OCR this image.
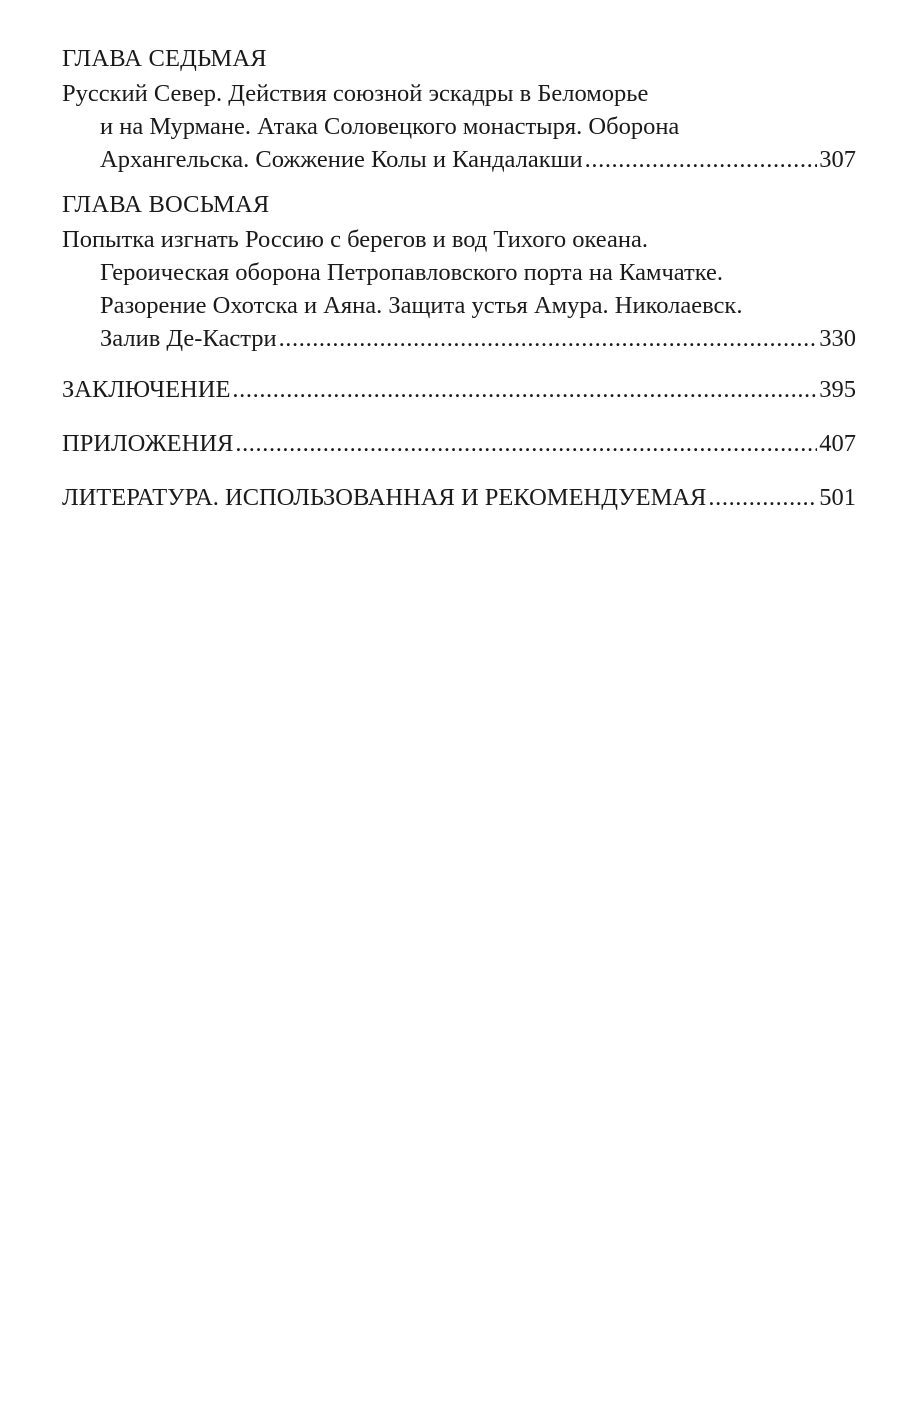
ГЛАВА СЕДЬМАЯ
Русский Север. Действия союзной эскадры в Беломорье
и на Мурмане. Атака Соловецкого монастыря. Оборона
Архангельска. Сожжение Колы и Кандалакши .....	307
ГЛАВА ВОСЬМАЯ
Попытка изгнать Россию с берегов и вод Тихого океана.
Героическая оборона Петропавловского порта на Камчатке.
Разорение Охотска и Аяна. Защита устья Амура. Николаевск.
Залив Де-Кастри .....	330
ЗАКЛЮЧЕНИЕ .....	395
ПРИЛОЖЕНИЯ .....	407
ЛИТЕРАТУРА. ИСПОЛЬЗОВАННАЯ И РЕКОМЕНДУЕМАЯ .....	501
